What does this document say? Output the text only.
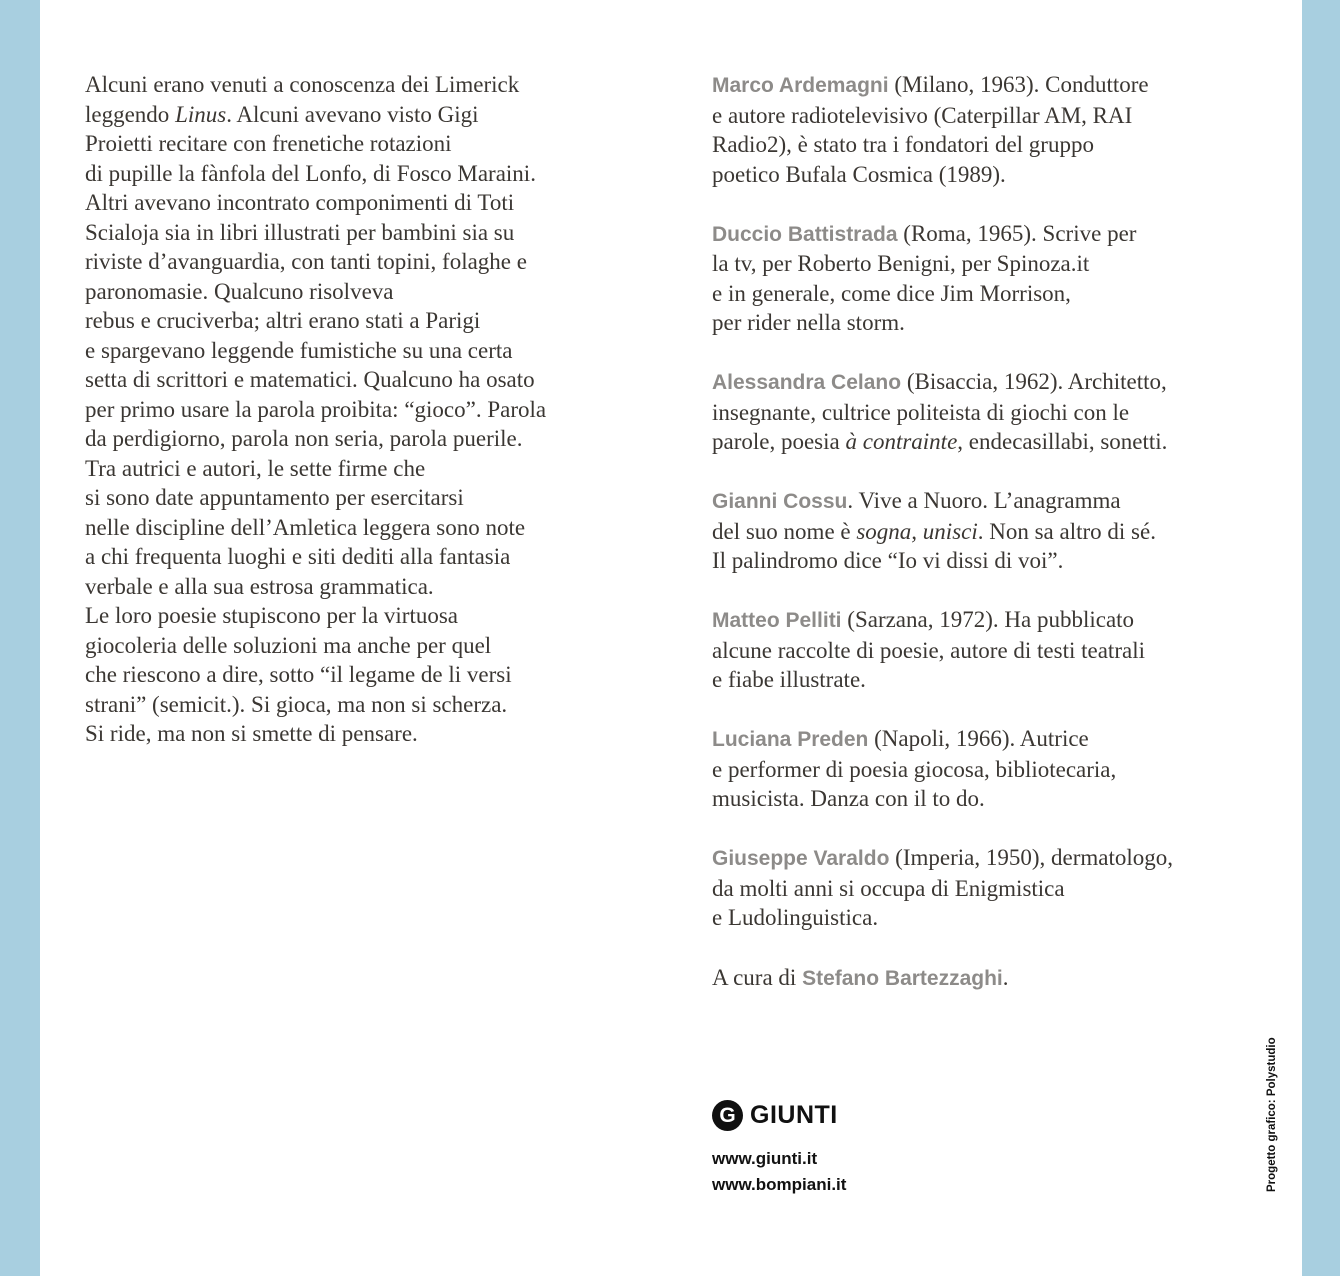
Alcuni erano venuti a conoscenza dei Limerick
leggendo Linus. Alcuni avevano visto Gigi
Proietti recitare con frenetiche rotazioni
di pupille la fànfola del Lonfo, di Fosco Maraini.
Altri avevano incontrato componimenti di Toti
Scialoja sia in libri illustrati per bambini sia su
riviste d’avanguardia, con tanti topini, folaghe e
paronomasie. Qualcuno risolveva
rebus e cruciverba; altri erano stati a Parigi
e spargevano leggende fumistiche su una certa
setta di scrittori e matematici. Qualcuno ha osato
per primo usare la parola proibita: “gioco”. Parola
da perdigiorno, parola non seria, parola puerile.
Tra autrici e autori, le sette firme che
si sono date appuntamento per esercitarsi
nelle discipline dell’Amletica leggera sono note
a chi frequenta luoghi e siti dediti alla fantasia
verbale e alla sua estrosa grammatica.
Le loro poesie stupiscono per la virtuosa
giocoleria delle soluzioni ma anche per quel
che riescono a dire, sotto “il legame de li versi
strani” (semicit.). Si gioca, ma non si scherza.
Si ride, ma non si smette di pensare.
Marco Ardemagni (Milano, 1963). Conduttore
e autore radiotelevisivo (Caterpillar AM, RAI
Radio2), è stato tra i fondatori del gruppo
poetico Bufala Cosmica (1989).
Duccio Battistrada (Roma, 1965). Scrive per
la tv, per Roberto Benigni, per Spinoza.it
e in generale, come dice Jim Morrison,
per rider nella storm.
Alessandra Celano (Bisaccia, 1962). Architetto,
insegnante, cultrice politeista di giochi con le
parole, poesia à contrainte, endecasillabi, sonetti.
Gianni Cossu. Vive a Nuoro. L’anagramma
del suo nome è sogna, unisci. Non sa altro di sé.
Il palindromo dice “Io vi dissi di voi”.
Matteo Pelliti (Sarzana, 1972). Ha pubblicato
alcune raccolte di poesie, autore di testi teatrali
e fiabe illustrate.
Luciana Preden (Napoli, 1966). Autrice
e performer di poesia giocosa, bibliotecaria,
musicista. Danza con il to do.
Giuseppe Varaldo (Imperia, 1950), dermatologo,
da molti anni si occupa di Enigmistica
e Ludolinguistica.
A cura di Stefano Bartezzaghi.
G GIUNTI
www.giunti.it
www.bompiani.it	Progetto grafico: Polystudio
